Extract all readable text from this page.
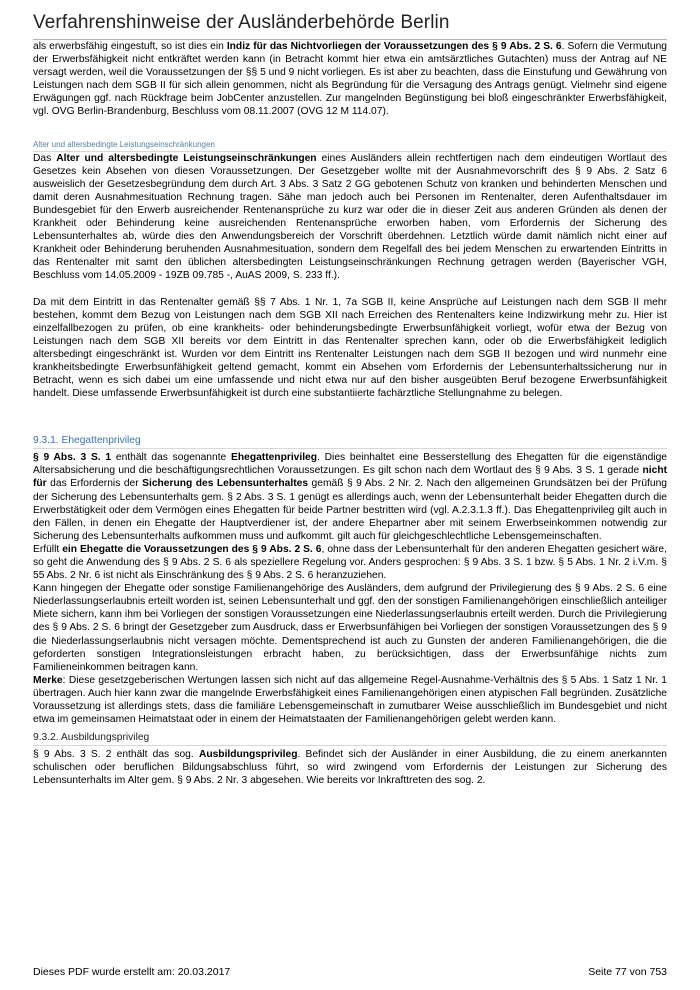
Verfahrenshinweise der Ausländerbehörde Berlin

als erwerbsfähig eingestuft, so ist dies ein Indiz für das Nichtvorliegen der Voraussetzungen des § 9 Abs. 2 S. 6. Sofern die Vermutung der Erwerbsfähigkeit nicht entkräftet werden kann (in Betracht kommt hier etwa ein amtsärztliches Gutachten) muss der Antrag auf NE versagt werden, weil die Voraussetzungen der §§ 5 und 9 nicht vorliegen. Es ist aber zu beachten, dass die Einstufung und Gewährung von Leistungen nach dem SGB II für sich allein genommen, nicht als Begründung für die Versagung des Antrags genügt. Vielmehr sind eigene Erwägungen ggf. nach Rückfrage beim JobCenter anzustellen. Zur mangelnden Begünstigung bei bloß eingeschränkter Erwerbsfähigkeit, vgl. OVG Berlin-Brandenburg, Beschluss vom 08.11.2007 (OVG 12 M 114.07).

Alter und altersbedingte Leistungseinschränkungen

Das Alter und altersbedingte Leistungseinschränkungen eines Ausländers allein rechtfertigen nach dem eindeutigen Wortlaut des Gesetzes kein Absehen von diesen Voraussetzungen. Der Gesetzgeber wollte mit der Ausnahmevorschrift des § 9 Abs. 2 Satz 6 ausweislich der Gesetzesbegründung dem durch Art. 3 Abs. 3 Satz 2 GG gebotenen Schutz von kranken und behinderten Menschen und damit deren Ausnahmesituation Rechnung tragen. Sähe man jedoch auch bei Personen im Rentenalter, deren Aufenthaltsdauer im Bundesgebiet für den Erwerb ausreichender Rentenansprüche zu kurz war oder die in dieser Zeit aus anderen Gründen als denen der Krankheit oder Behinderung keine ausreichenden Rentenansprüche erworben haben, vom Erfordernis der Sicherung des Lebensunterhaltes ab, würde dies den Anwendungsbereich der Vorschrift überdehnen. Letztlich würde damit nämlich nicht einer auf Krankheit oder Behinderung beruhenden Ausnahmesituation, sondern dem Regelfall des bei jedem Menschen zu erwartenden Eintritts in das Rentenalter mit samt den üblichen altersbedingten Leistungseinschränkungen Rechnung getragen werden (Bayerischer VGH, Beschluss vom 14.05.2009 - 19ZB 09.785 -, AuAS 2009, S. 233 ff.).

Da mit dem Eintritt in das Rentenalter gemäß §§ 7 Abs. 1 Nr. 1, 7a SGB II, keine Ansprüche auf Leistungen nach dem SGB II mehr bestehen, kommt dem Bezug von Leistungen nach dem SGB XII nach Erreichen des Rentenalters keine Indizwirkung mehr zu. Hier ist einzelfallbezogen zu prüfen, ob eine krankheits- oder behinderungsbedingte Erwerbsunfähigkeit vorliegt, wofür etwa der Bezug von Leistungen nach dem SGB XII bereits vor dem Eintritt in das Rentenalter sprechen kann, oder ob die Erwerbsfähigkeit lediglich altersbedingt eingeschränkt ist. Wurden vor dem Eintritt ins Rentenalter Leistungen nach dem SGB II bezogen und wird nunmehr eine krankheitsbedingte Erwerbsunfähigkeit geltend gemacht, kommt ein Absehen vom Erfordernis der Lebensunterhaltssicherung nur in Betracht, wenn es sich dabei um eine umfassende und nicht etwa nur auf den bisher ausgeübten Beruf bezogene Erwerbsunfähigkeit handelt. Diese umfassende Erwerbsunfähigkeit ist durch eine substantiierte fachärztliche Stellungnahme zu belegen.

9.3.1. Ehegattenprivileg

§ 9 Abs. 3 S. 1 enthält das sogenannte Ehegattenprivileg. Dies beinhaltet eine Besserstellung des Ehegatten für die eigenständige Altersabsicherung und die beschäftigungsrechtlichen Voraussetzungen. Es gilt schon nach dem Wortlaut des § 9 Abs. 3 S. 1 gerade nicht für das Erfordernis der Sicherung des Lebensunterhaltes gemäß § 9 Abs. 2 Nr. 2. Nach den allgemeinen Grundsätzen bei der Prüfung der Sicherung des Lebensunterhalts gem. § 2 Abs. 3 S. 1 genügt es allerdings auch, wenn der Lebensunterhalt beider Ehegatten durch die Erwerbstätigkeit oder dem Vermögen eines Ehegatten für beide Partner bestritten wird (vgl. A.2.3.1.3 ff.). Das Ehegattenprivileg gilt auch in den Fällen, in denen ein Ehegatte der Hauptverdiener ist, der andere Ehepartner aber mit seinem Erwerbseinkommen notwendig zur Sicherung des Lebensunterhalts aufkommen muss und aufkommt. gilt auch für gleichgeschlechtliche Lebensgemeinschaften.

Erfüllt ein Ehegatte die Voraussetzungen des § 9 Abs. 2 S. 6, ohne dass der Lebensunterhalt für den anderen Ehegatten gesichert wäre, so geht die Anwendung des § 9 Abs. 2 S. 6 als speziellere Regelung vor. Anders gesprochen: § 9 Abs. 3 S. 1 bzw. § 5 Abs. 1 Nr. 2 i.V.m. § 55 Abs. 2 Nr. 6 ist nicht als Einschränkung des § 9 Abs. 2 S. 6 heranzuziehen.

Kann hingegen der Ehegatte oder sonstige Familienangehörige des Ausländers, dem aufgrund der Privilegierung des § 9 Abs. 2 S. 6 eine Niederlassungserlaubnis erteilt worden ist, seinen Lebensunterhalt und ggf. den der sonstigen Familienangehörigen einschließlich anteiliger Miete sichern, kann ihm bei Vorliegen der sonstigen Voraussetzungen eine Niederlassungserlaubnis erteilt werden. Durch die Privilegierung des § 9 Abs. 2 S. 6 bringt der Gesetzgeber zum Ausdruck, dass er Erwerbsunfähigen bei Vorliegen der sonstigen Voraussetzungen des § 9 die Niederlassungserlaubnis nicht versagen möchte. Dementsprechend ist auch zu Gunsten der anderen Familienangehörigen, die die geforderten sonstigen Integrationsleistungen erbracht haben, zu berücksichtigen, dass der Erwerbsunfähige nichts zum Familieneinkommen beitragen kann.

Merke: Diese gesetzgeberischen Wertungen lassen sich nicht auf das allgemeine Regel-Ausnahme-Verhältnis des § 5 Abs. 1 Satz 1 Nr. 1 übertragen. Auch hier kann zwar die mangelnde Erwerbsfähigkeit eines Familienangehörigen einen atypischen Fall begründen. Zusätzliche Voraussetzung ist allerdings stets, dass die familiäre Lebensgemeinschaft in zumutbarer Weise ausschließlich im Bundesgebiet und nicht etwa im gemeinsamen Heimatstaat oder in einem der Heimatstaaten der Familienangehörigen gelebt werden kann.

9.3.2. Ausbildungsprivileg

§ 9 Abs. 3 S. 2 enthält das sog. Ausbildungsprivileg. Befindet sich der Ausländer in einer Ausbildung, die zu einem anerkannten schulischen oder beruflichen Bildungsabschluss führt, so wird zwingend vom Erfordernis der Leistungen zur Sicherung des Lebensunterhalts im Alter gem. § 9 Abs. 2 Nr. 3 abgesehen. Wie bereits vor Inkrafttreten des sog. 2.

Dieses PDF wurde erstellt am: 20.03.2017	Seite 77 von 753
